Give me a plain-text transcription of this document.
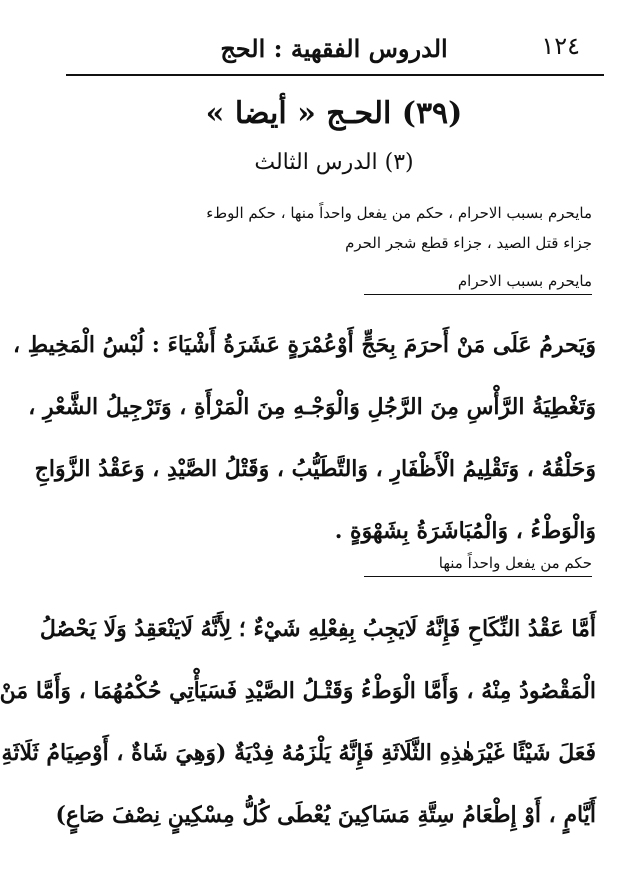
١٢٤
الدروس الفقهية : الحج
(٣٩) الحـج « أيضا »
(٣) الدرس الثالث
مايحرم بسبب الاحرام ، حكم من يفعل واحداً منها ، حكم الوطء
جزاء قتل الصيد ، جزاء قطع شجر الحرم
مايحرم بسبب الاحرام
وَيَحرمُ عَلَى مَنْ أَحرَمَ بِحَجٍّ أَوْعُمْرَةٍ عَشَرَةُ أَشْيَاءَ : لُبْسُ الْمَخِيطِ ،
وَتَغْطِيَةُ الرَّأْسِ مِنَ الرَّجُلِ وَالْوَجْـهِ مِنَ الْمَرْأَةِ ، وَتَرْجِيلُ الشَّعْرِ ،
وَحَلْقُهُ ، وَتَقْلِيمُ الْأَظْفَارِ ، وَالتَّطَيُّبُ ، وَقَتْلُ الصَّيْدِ ، وَعَقْدُ الزَّوَاجِ
وَالْوَطْءُ ، وَالْمُبَاشَرَةُ بِشَهْوَةٍ .
حكم من يفعل واحداً منها
أَمَّا عَقْدُ النِّكَاحِ فَإِنَّهُ لَايَجِبُ بِفِعْلِهِ شَيْءٌ ؛ لِأَنَّهُ لَايَنْعَقِدُ وَلَا يَحْصُلُ
الْمَقْصُودُ مِنْهُ ، وَأَمَّا الْوَطْءُ وَقَتْـلُ الصَّيْدِ فَسَيَأْتِي حُكْمُهُمَا ، وَأَمَّا مَنْ
فَعَلَ شَيْئًا غَيْرَهٰذِهِ الثَّلَاثَةِ فَإِنَّهُ يَلْزَمُهُ فِدْيَةٌ (وَهِيَ شَاةٌ ، أَوْصِيَامُ ثَلَاثَةِ
أَيَّامٍ ، أَوْ إِطْعَامُ سِتَّةِ مَسَاكِينَ يُعْطَى كُلُّ مِسْكِينٍ نِصْفَ صَاعٍ)
